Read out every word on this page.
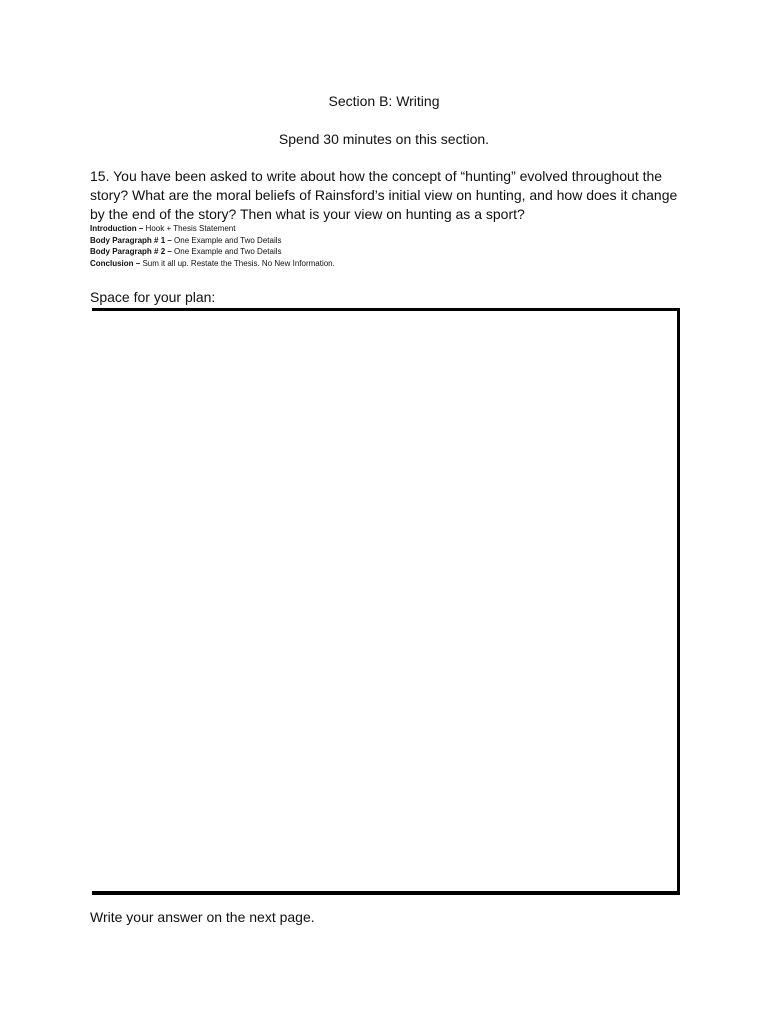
Section B: Writing
Spend 30 minutes on this section.
15. You have been asked to write about how the concept of “hunting” evolved throughout the story? What are the moral beliefs of Rainsford’s initial view on hunting, and how does it change by the end of the story? Then what is your view on hunting as a sport?
Introduction – Hook + Thesis Statement
Body Paragraph # 1 – One Example and Two Details
Body Paragraph # 2 – One Example and Two Details
Conclusion – Sum it all up. Restate the Thesis. No New Information.
Space for your plan:
Write your answer on the next page.
